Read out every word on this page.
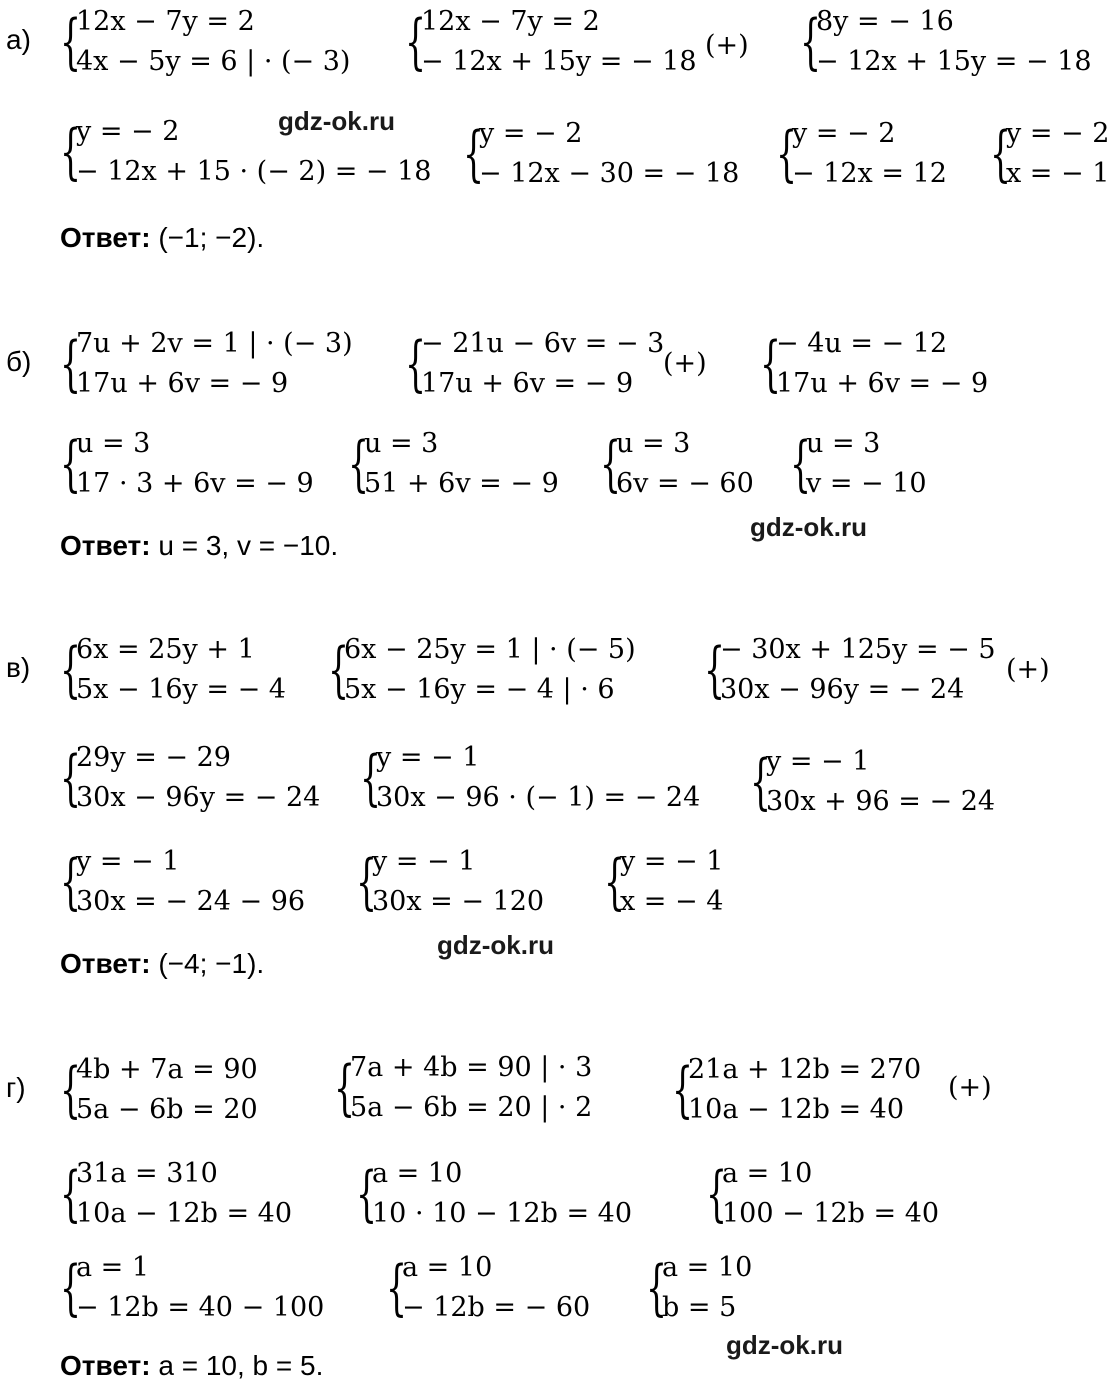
а) {
12x − 7y = 2
4x − 5y = 6 | · (− 3) {
12x − 7y = 2
− 12x + 15y = − 18
(+) {
8y = − 16
− 12x + 15y = − 18
{
y = − 2
− 12x + 15 · (− 2) = − 18
gdz-ok.ru {
y = − 2
− 12x − 30 = − 18 {
y = − 2
− 12x = 12 {
y = − 2
x = − 1
Ответ: (−1; −2).
б) {
7u + 2v = 1 | · (− 3)
17u + 6v = − 9	{
− 21u − 6v = − 3
17u + 6v = − 9
(+) {
− 4u = − 12
17u + 6v = − 9
{
u = 3
17 · 3 + 6v = − 9 {
u = 3
51 + 6v = − 9 {
u = 3
6v = − 60 {
u = 3
v = − 10
gdz-ok.ru
Ответ: u = 3, v = −10.
в) {
6x = 25y + 1
5x − 16y = − 4 {
6x − 25y = 1 | · (− 5)
5x − 16y = − 4 | · 6	{
− 30x + 125y = − 5
30x − 96y = − 24
(+)
{
29y = − 29
30x − 96y = − 24 {
y = − 1
30x − 96 · (− 1) = − 24 {
y = − 1
30x + 96 = − 24
{
y = − 1
30x = − 24 − 96 {
y = − 1
30x = − 120 {
y = − 1
x = − 4
gdz-ok.ru
Ответ: (−4; −1).
г) {
4b + 7a = 90
5a − 6b = 20 {
7a + 4b = 90 | · 3
5a − 6b = 20 | · 2 {
21a + 12b = 270
10a − 12b = 40
(+)
{
31a = 310
10a − 12b = 40 {
a = 10
10 · 10 − 12b = 40 {
a = 10
100 − 12b = 40
{
a = 1
− 12b = 40 − 100 {
a = 10
− 12b = − 60 {
a = 10
b = 5
gdz-ok.ru
Ответ: a = 10, b = 5.
